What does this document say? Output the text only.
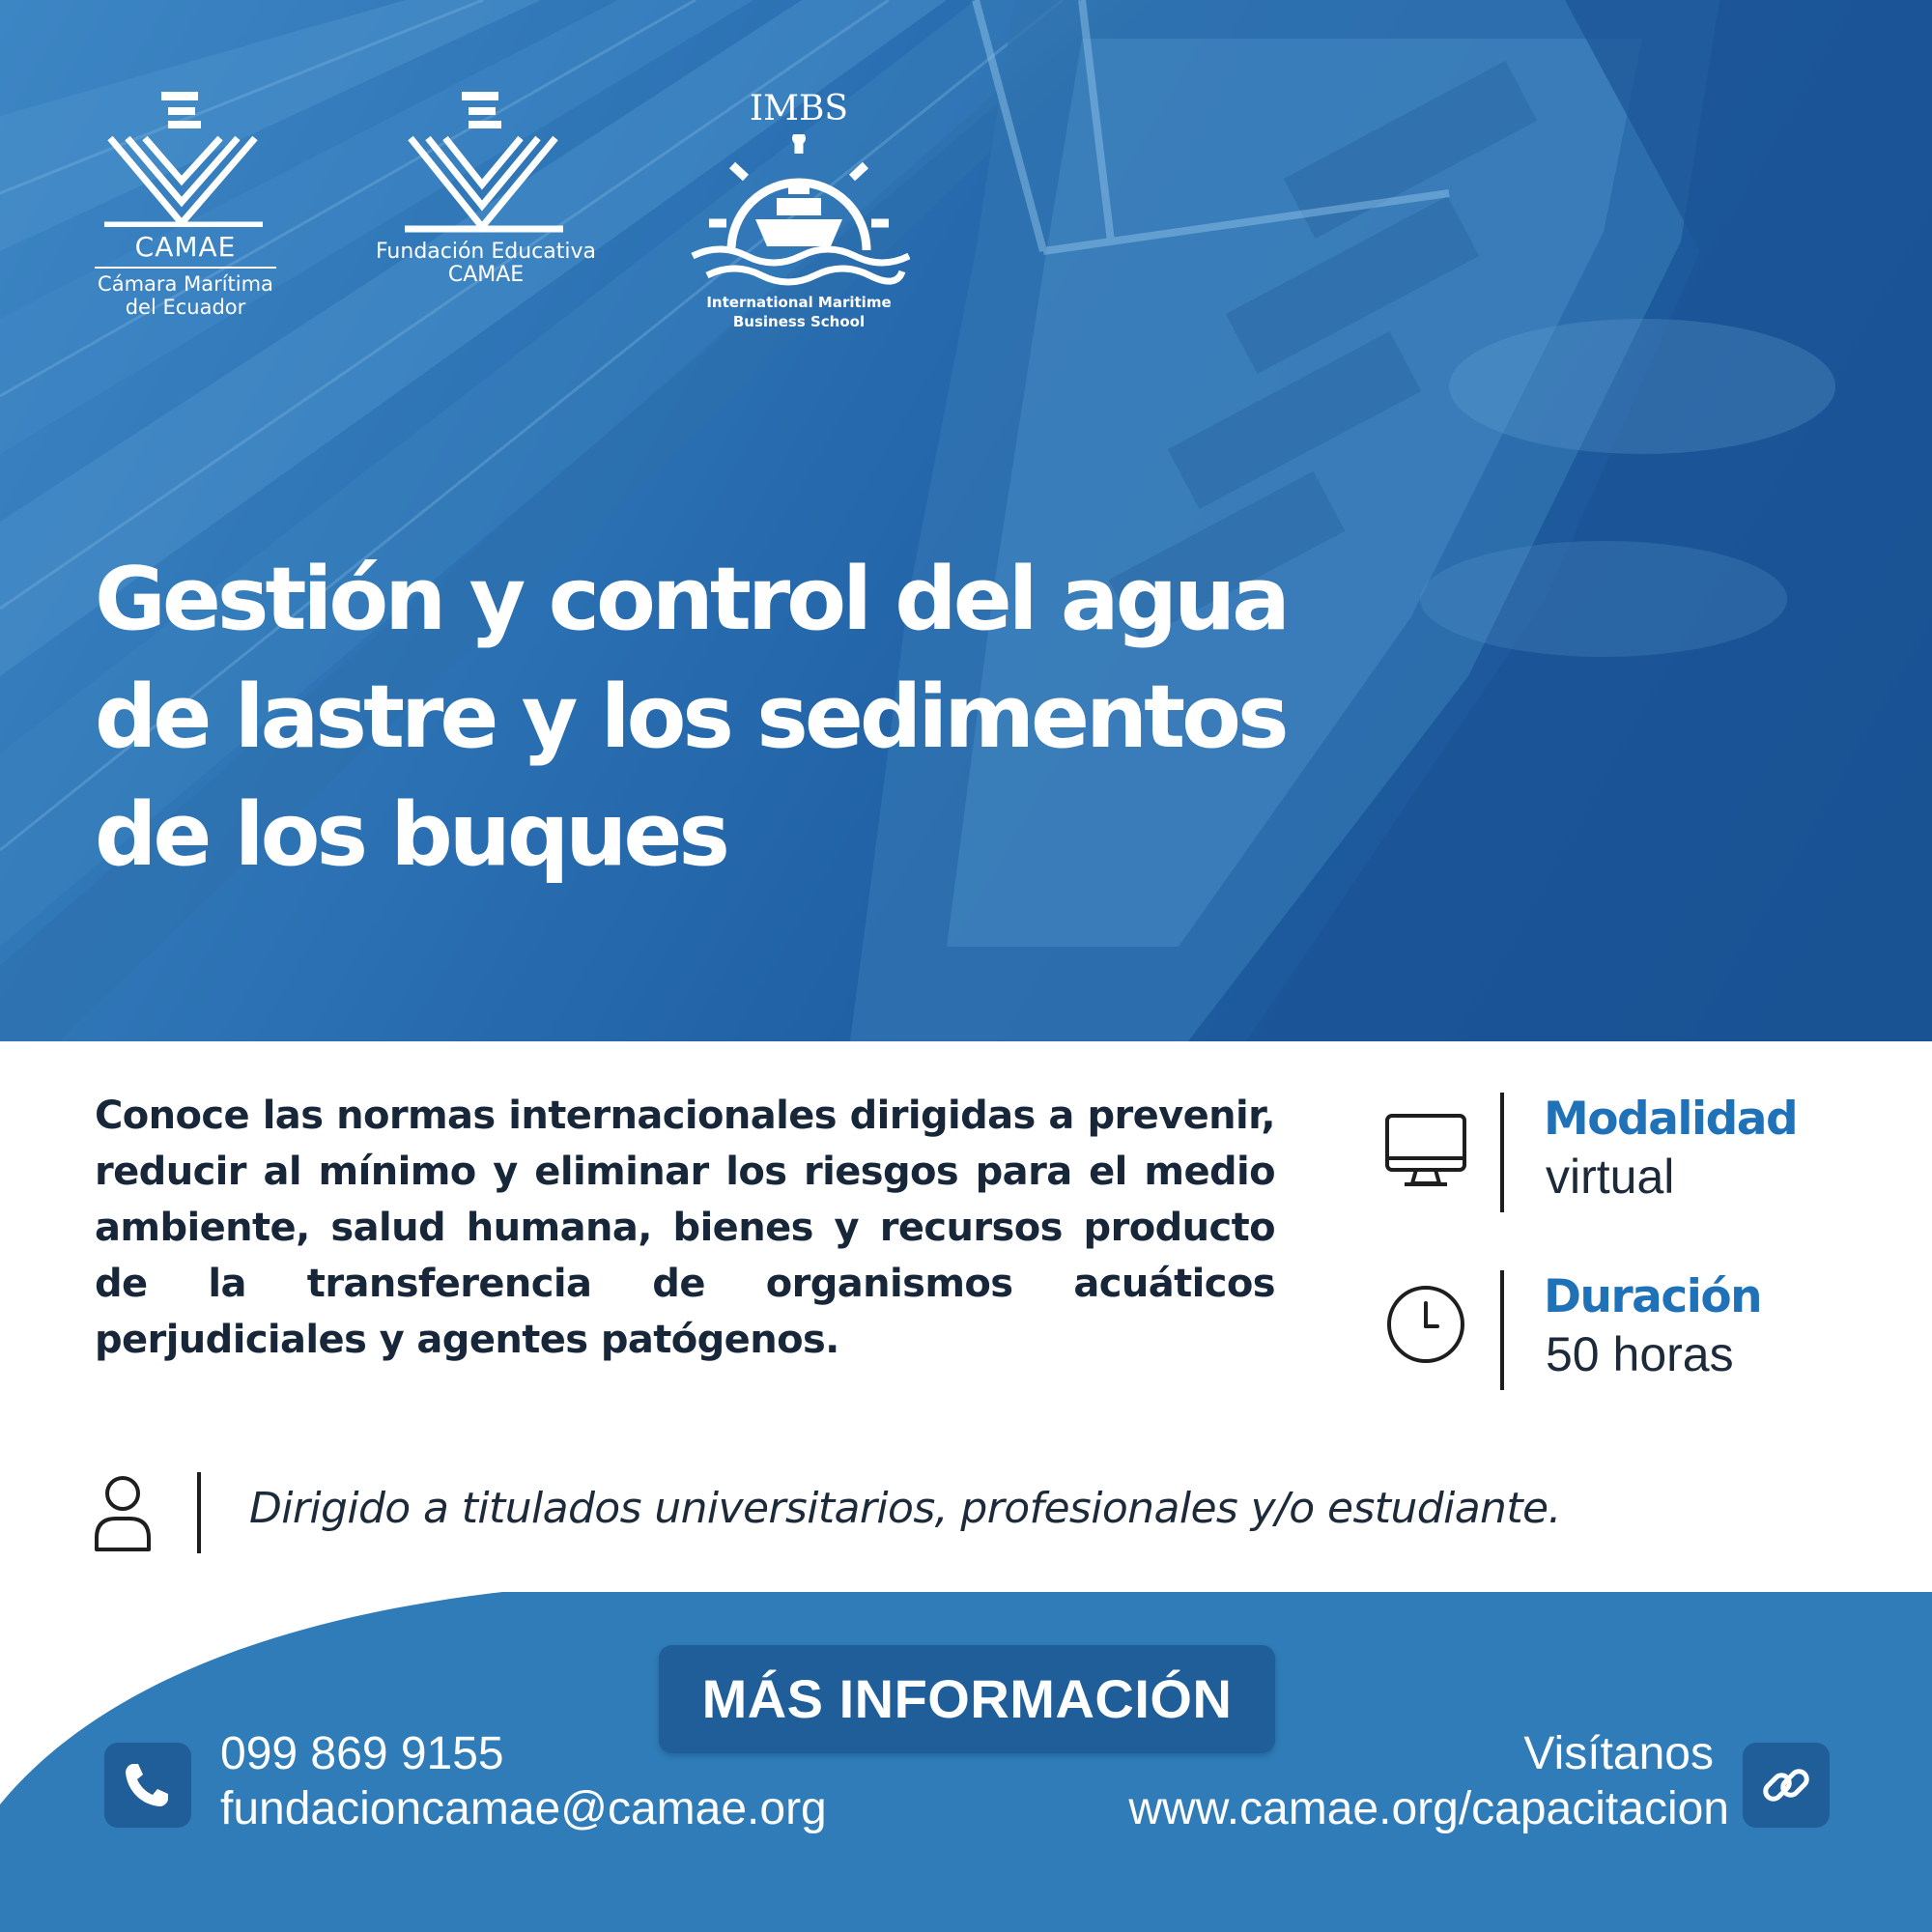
CAMAE
Cámara Marítima
del Ecuador
Fundación Educativa
CAMAE
IMBS
International Maritime
Business School
Gestión y control del agua
de lastre y los sedimentos
de los buques

Conoce las normas internacionales dirigidas a prevenir, reducir al mínimo y eliminar los riesgos para el medio ambiente, salud humana, bienes y recursos producto de la transferencia de organismos acuáticos perjudiciales y agentes patógenos.

Modalidad
virtual
Duración
50 horas
Dirigido a titulados universitarios, profesionales y/o estudiante.
MÁS INFORMACIÓN
099 869 9155
fundacioncamae@camae.org
Visítanos
www.camae.org/capacitacion
